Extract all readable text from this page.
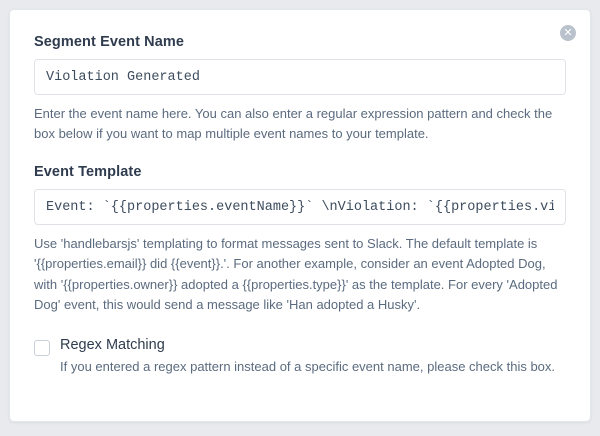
✕
Segment Event Name
Violation Generated

Enter the event name here. You can also enter a regular expression pattern and check the box below if you want to map multiple event names to your template.

Event Template
Event: `{{properties.eventName}}` \nViolation: `{{properties.violatio

Use 'handlebarsjs' templating to format messages sent to Slack. The default template is '{{properties.email}} did {{event}}.'. For another example, consider an event Adopted Dog, with '{{properties.owner}} adopted a {{properties.type}}' as the template. For every 'Adopted Dog' event, this would send a message like 'Han adopted a Husky'.

Regex Matching

If you entered a regex pattern instead of a specific event name, please check this box.
